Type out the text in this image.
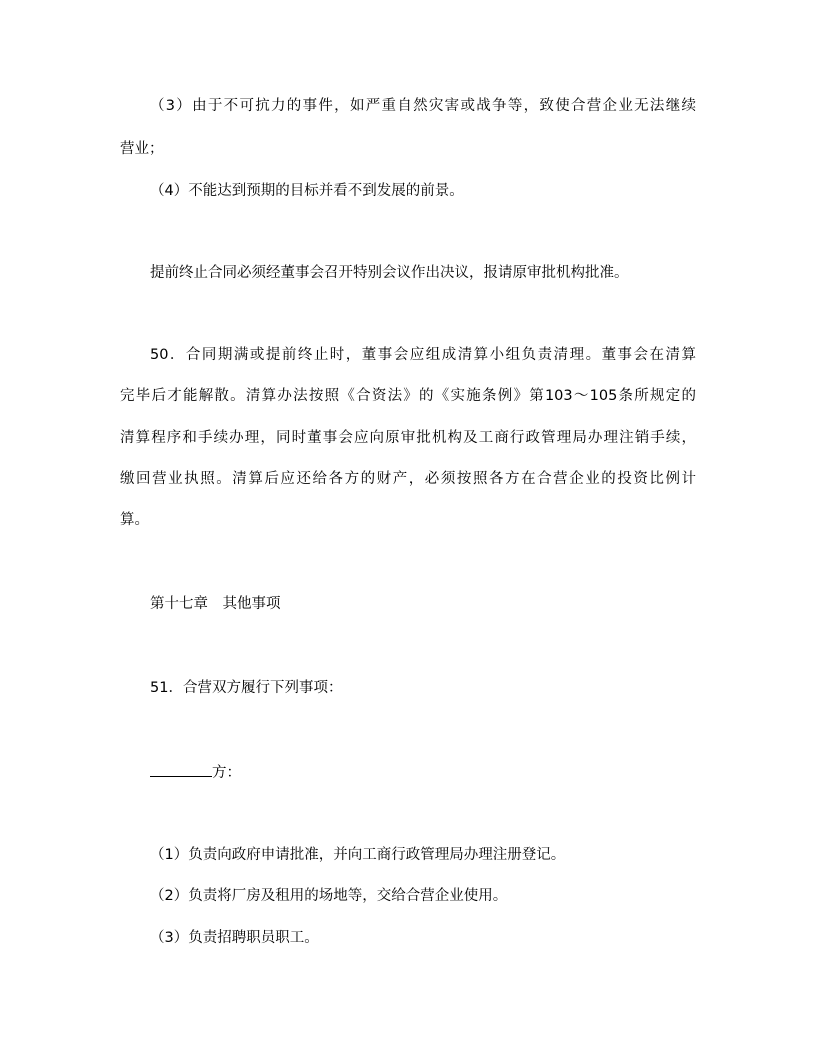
（3）由于不可抗力的事件，如严重自然灾害或战争等，致使合营企业无法继续
营业；
（4）不能达到预期的目标并看不到发展的前景。
提前终止合同必须经董事会召开特别会议作出决议，报请原审批机构批准。
50．合同期满或提前终止时，董事会应组成清算小组负责清理。董事会在清算
完毕后才能解散。清算办法按照《合资法》的《实施条例》第103～105条所规定的
清算程序和手续办理，同时董事会应向原审批机构及工商行政管理局办理注销手续，
缴回营业执照。清算后应还给各方的财产，必须按照各方在合营企业的投资比例计
算。
第十七章　其他事项
51．合营双方履行下列事项：
方：
（1）负责向政府申请批准，并向工商行政管理局办理注册登记。
（2）负责将厂房及租用的场地等，交给合营企业使用。
（3）负责招聘职员职工。
